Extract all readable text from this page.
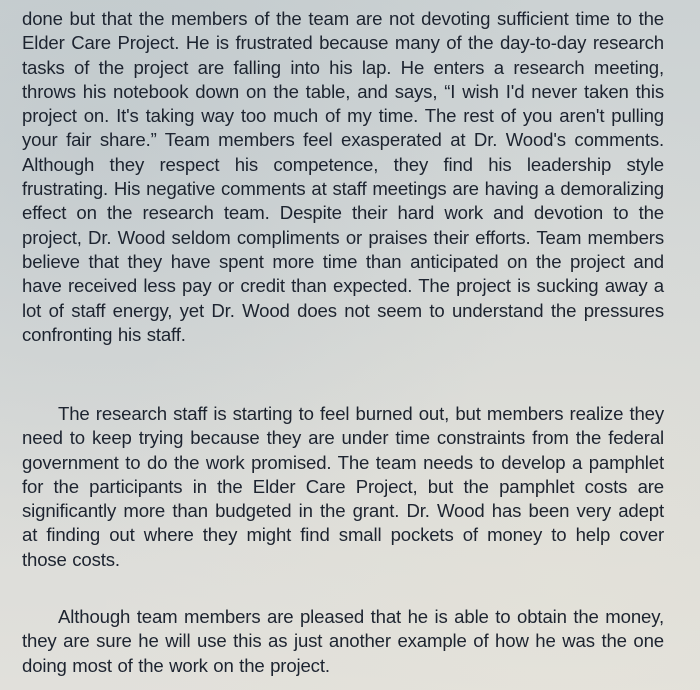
done but that the members of the team are not devoting sufficient time to the Elder Care Project. He is frustrated because many of the day-to-day research tasks of the project are falling into his lap. He enters a research meeting, throws his notebook down on the table, and says, “I wish I'd never taken this project on. It's taking way too much of my time. The rest of you aren't pulling your fair share.” Team members feel exasperated at Dr. Wood's comments. Although they respect his competence, they find his leadership style frustrating. His negative comments at staff meetings are having a demoralizing effect on the research team. Despite their hard work and devotion to the project, Dr. Wood seldom compliments or praises their efforts. Team members believe that they have spent more time than anticipated on the project and have received less pay or credit than expected. The project is sucking away a lot of staff energy, yet Dr. Wood does not seem to understand the pressures confronting his staff.

The research staff is starting to feel burned out, but members realize they need to keep trying because they are under time constraints from the federal government to do the work promised. The team needs to develop a pamphlet for the participants in the Elder Care Project, but the pamphlet costs are significantly more than budgeted in the grant. Dr. Wood has been very adept at finding out where they might find small pockets of money to help cover those costs.

Although team members are pleased that he is able to obtain the money, they are sure he will use this as just another example of how he was the one doing most of the work on the project.
